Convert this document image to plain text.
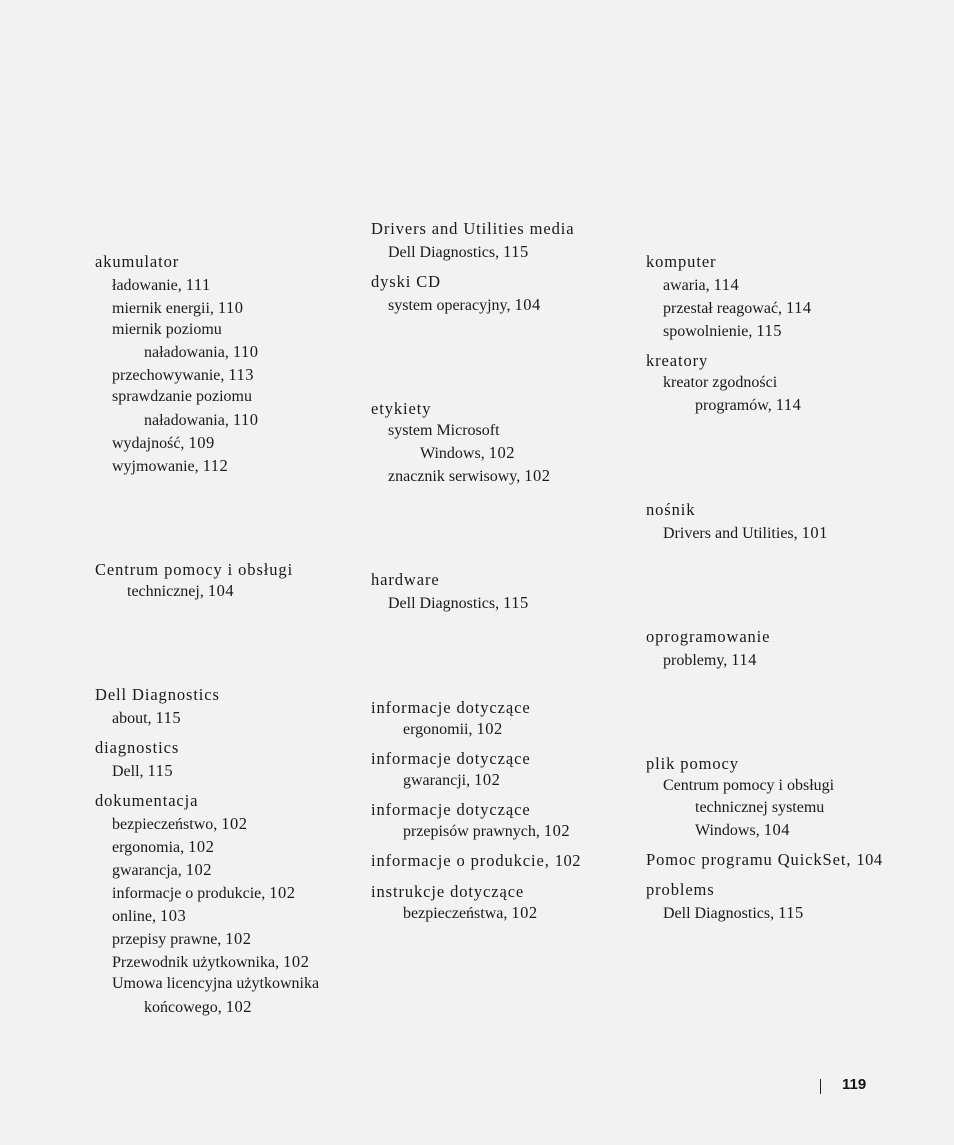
akumulator
ładowanie, 111
miernik energii, 110
miernik poziomu
naładowania, 110
przechowywanie, 113
sprawdzanie poziomu
naładowania, 110
wydajność, 109
wyjmowanie, 112
Centrum pomocy i obsługi
technicznej, 104
Dell Diagnostics
about, 115
diagnostics
Dell, 115
dokumentacja
bezpieczeństwo, 102
ergonomia, 102
gwarancja, 102
informacje o produkcie, 102
online, 103
przepisy prawne, 102
Przewodnik użytkownika, 102
Umowa licencyjna użytkownika
końcowego, 102
Drivers and Utilities media
Dell Diagnostics, 115
dyski CD
system operacyjny, 104
etykiety
system Microsoft
Windows, 102
znacznik serwisowy, 102
hardware
Dell Diagnostics, 115
informacje dotyczące
ergonomii, 102
informacje dotyczące
gwarancji, 102
informacje dotyczące
przepisów prawnych, 102
informacje o produkcie, 102
instrukcje dotyczące
bezpieczeństwa, 102
komputer
awaria, 114
przestał reagować, 114
spowolnienie, 115
kreatory
kreator zgodności
programów, 114
nośnik
Drivers and Utilities, 101
oprogramowanie
problemy, 114
plik pomocy
Centrum pomocy i obsługi
technicznej systemu
Windows, 104
Pomoc programu QuickSet, 104
problems
Dell Diagnostics, 115
119
